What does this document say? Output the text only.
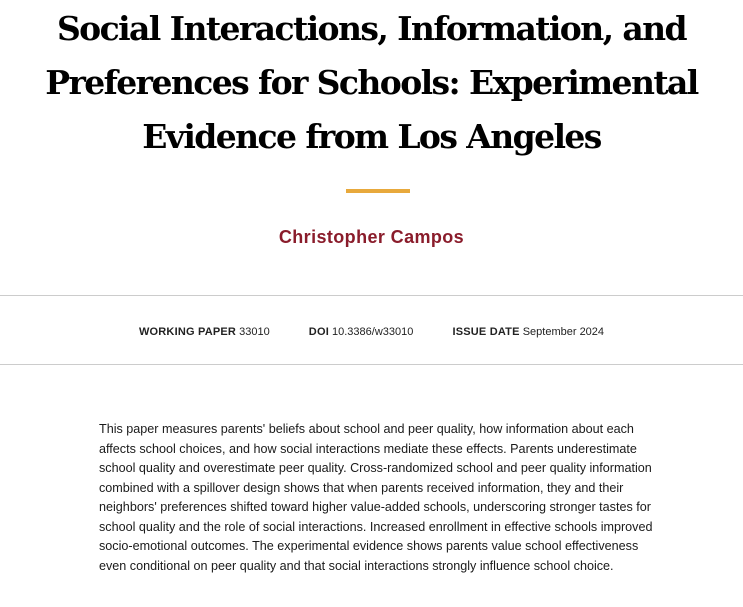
Social Interactions, Information, and
Preferences for Schools: Experimental
Evidence from Los Angeles
Christopher Campos
WORKING PAPER 33010	DOI 10.3386/w33010	ISSUE DATE September 2024

This paper measures parents' beliefs about school and peer quality, how information about each affects school choices, and how social interactions mediate these effects. Parents underestimate school quality and overestimate peer quality. Cross-randomized school and peer quality information combined with a spillover design shows that when parents received information, they and their neighbors' preferences shifted toward higher value-added schools, underscoring stronger tastes for school quality and the role of social interactions. Increased enrollment in effective schools improved socio-emotional outcomes. The experimental evidence shows parents value school effectiveness even conditional on peer quality and that social interactions strongly influence school choice.
